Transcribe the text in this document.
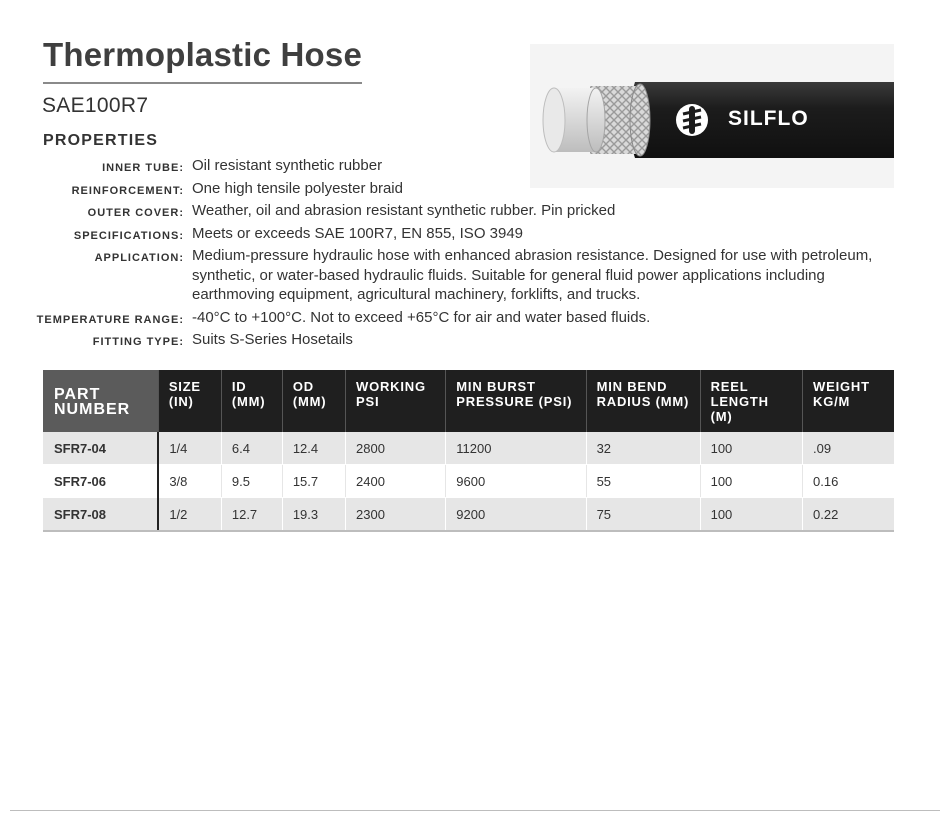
Thermoplastic Hose
SAE100R7
PROPERTIES
SILFLO
INNER TUBE: Oil resistant synthetic rubber
REINFORCEMENT: One high tensile polyester braid
OUTER COVER: Weather, oil and abrasion resistant synthetic rubber. Pin pricked
SPECIFICATIONS: Meets or exceeds SAE 100R7, EN 855, ISO 3949
APPLICATION: Medium-pressure hydraulic hose with enhanced abrasion resistance. Designed for use with petroleum, synthetic, or water-based hydraulic fluids. Suitable for general fluid power applications including earthmoving equipment, agricultural machinery, forklifts, and trucks.
TEMPERATURE RANGE: -40°C to +100°C. Not to exceed +65°C for air and water based fluids.
FITTING TYPE: Suits S-Series Hosetails
PART NUMBER	SIZE (IN)	ID (MM)	OD (MM)	WORKING PSI	MIN BURST PRESSURE (PSI)	MIN BEND RADIUS (MM)	REEL LENGTH (M)	WEIGHT KG/M
SFR7-04	1/4	6.4	12.4	2800	11200	32	100	.09
SFR7-06	3/8	9.5	15.7	2400	9600	55	100	0.16
SFR7-08	1/2	12.7	19.3	2300	9200	75	100	0.22
